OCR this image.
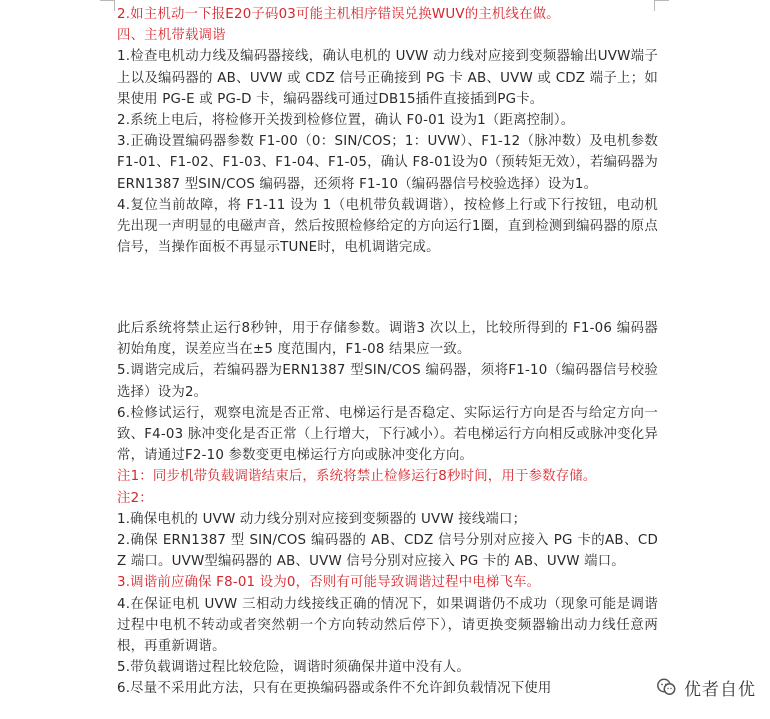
2.如主机动一下报E20子码03可能主机相序错误兑换WUV的主机线在做。

四、主机带载调谐

1.检查电机动力线及编码器接线，确认电机的 UVW 动力线对应接到变频器输出UVW端子上以及编码器的 AB、UVW 或 CDZ 信号正确接到 PG 卡 AB、UVW 或 CDZ 端子上；如果使用 PG-E 或 PG-D 卡，编码器线可通过DB15插件直接插到PG卡。

2.系统上电后，将检修开关拨到检修位置，确认 F0-01 设为1（距离控制）。

3.正确设置编码器参数 F1-00（0：SIN/COS；1：UVW）、F1-12（脉冲数）及电机参数 F1-01、F1-02、F1-03、F1-04、F1-05，确认 F8-01设为0（预转矩无效），若编码器为ERN1387 型SIN/COS 编码器，还须将 F1-10（编码器信号校验选择）设为1。

4.复位当前故障，将 F1-11 设为 1（电机带负载调谐），按检修上行或下行按钮，电动机先出现一声明显的电磁声音，然后按照检修给定的方向运行1圈，直到检测到编码器的原点信号，当操作面板不再显示TUNE时，电机调谐完成。

此后系统将禁止运行8秒钟，用于存储参数。调谐3 次以上，比较所得到的 F1-06 编码器初始角度，误差应当在±5 度范围内，F1-08 结果应一致。

5.调谐完成后，若编码器为ERN1387 型SIN/COS 编码器，须将F1-10（编码器信号校验选择）设为2。

6.检修试运行，观察电流是否正常、电梯运行是否稳定、实际运行方向是否与给定方向一致、F4-03 脉冲变化是否正常（上行增大，下行减小）。若电梯运行方向相反或脉冲变化异常，请通过F2-10 参数变更电梯运行方向或脉冲变化方向。

注1：同步机带负载调谐结束后，系统将禁止检修运行8秒时间，用于参数存储。

注2：

1.确保电机的 UVW 动力线分别对应接到变频器的 UVW 接线端口；

2.确保 ERN1387 型 SIN/COS 编码器的 AB、CDZ 信号分别对应接入 PG 卡的AB、CDZ 端口。UVW型编码器的 AB、UVW 信号分别对应接入 PG 卡的 AB、UVW 端口。

3.调谐前应确保 F8-01 设为0，否则有可能导致调谐过程中电梯飞车。

4.在保证电机 UVW 三相动力线接线正确的情况下，如果调谐仍不成功（现象可能是调谐过程中电机不转动或者突然朝一个方向转动然后停下），请更换变频器输出动力线任意两根，再重新调谐。

5.带负载调谐过程比较危险，调谐时须确保井道中没有人。

6.尽量不采用此方法，只有在更换编码器或条件不允许卸负载情况下使用	优者自优
